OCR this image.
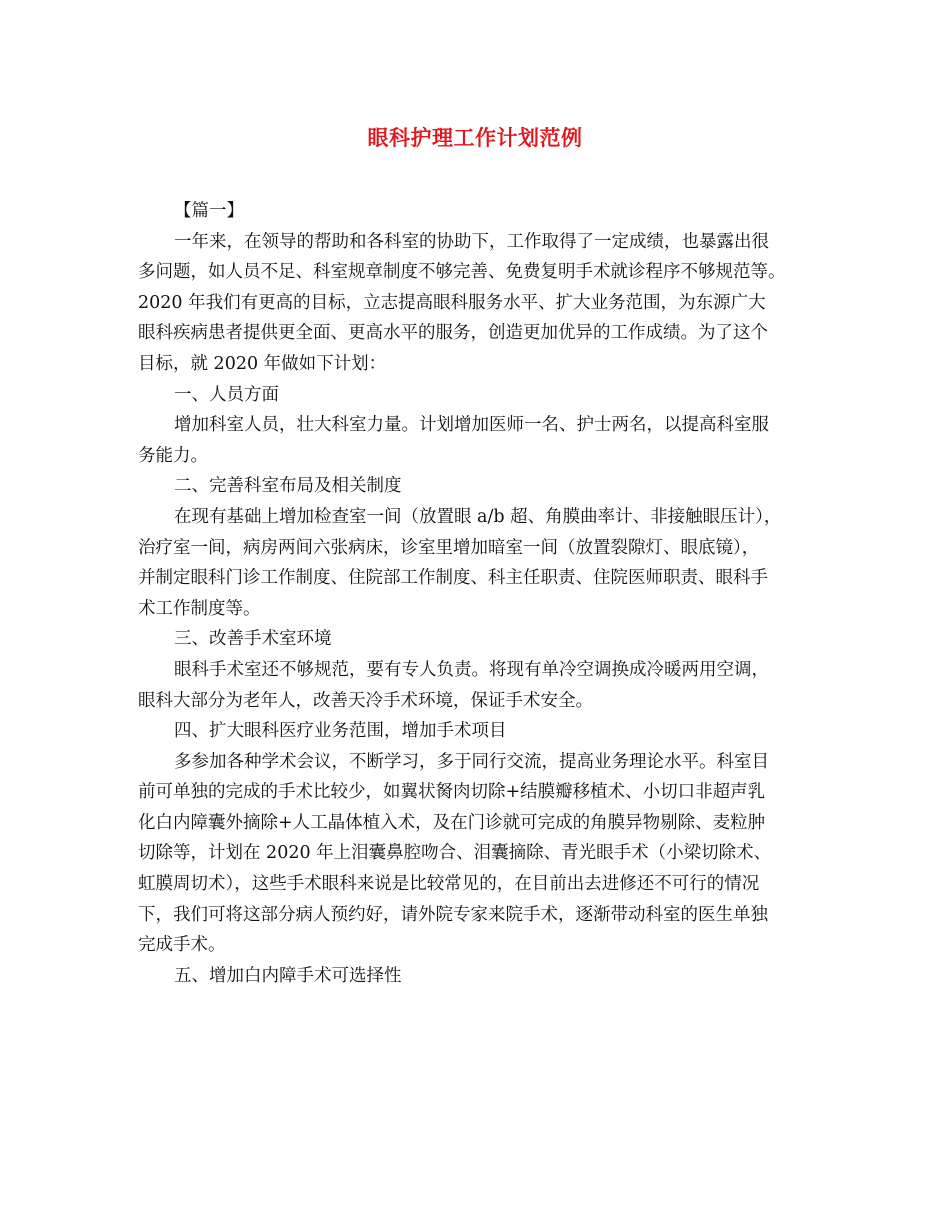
眼科护理工作计划范例
【篇一】
一年来，在领导的帮助和各科室的协助下，工作取得了一定成绩，也暴露出很
多问题，如人员不足、科室规章制度不够完善、免费复明手术就诊程序不够规范等。
2020 年我们有更高的目标，立志提高眼科服务水平、扩大业务范围，为东源广大
眼科疾病患者提供更全面、更高水平的服务，创造更加优异的工作成绩。为了这个
目标，就 2020 年做如下计划：
一、人员方面
增加科室人员，壮大科室力量。计划增加医师一名、护士两名，以提高科室服
务能力。
二、完善科室布局及相关制度
在现有基础上增加检查室一间（放置眼 a/b 超、角膜曲率计、非接触眼压计），
治疗室一间，病房两间六张病床，诊室里增加暗室一间（放置裂隙灯、眼底镜），
并制定眼科门诊工作制度、住院部工作制度、科主任职责、住院医师职责、眼科手
术工作制度等。
三、改善手术室环境
眼科手术室还不够规范，要有专人负责。将现有单冷空调换成冷暖两用空调，
眼科大部分为老年人，改善天冷手术环境，保证手术安全。
四、扩大眼科医疗业务范围，增加手术项目
多参加各种学术会议，不断学习，多于同行交流，提高业务理论水平。科室目
前可单独的完成的手术比较少，如翼状胬肉切除+结膜瓣移植术、小切口非超声乳
化白内障囊外摘除+人工晶体植入术，及在门诊就可完成的角膜异物剔除、麦粒肿
切除等，计划在 2020 年上泪囊鼻腔吻合、泪囊摘除、青光眼手术（小梁切除术、
虹膜周切术），这些手术眼科来说是比较常见的，在目前出去进修还不可行的情况
下，我们可将这部分病人预约好，请外院专家来院手术，逐渐带动科室的医生单独
完成手术。
五、增加白内障手术可选择性
